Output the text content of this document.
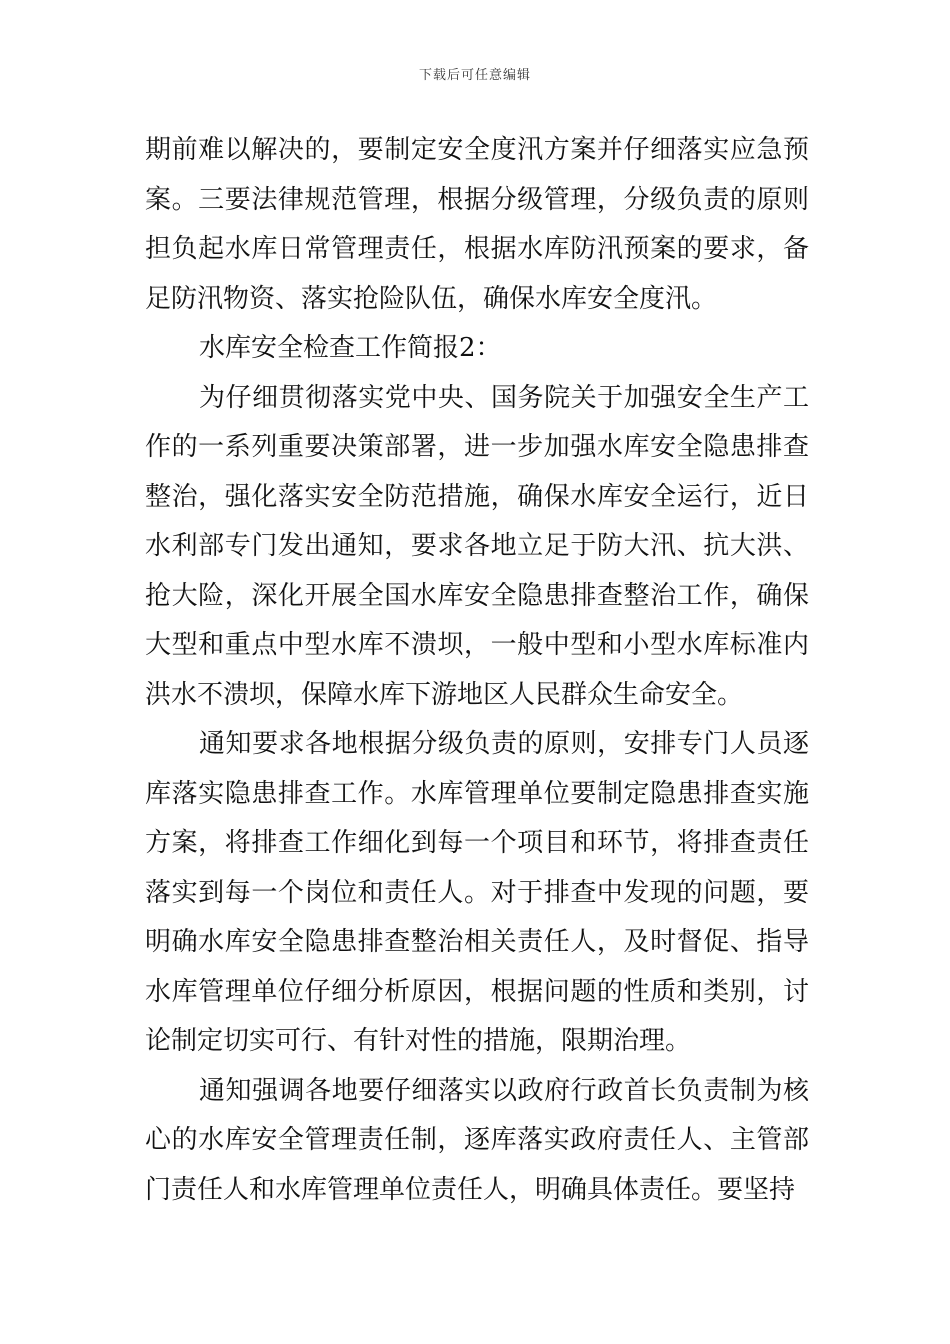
下载后可任意编辑

期前难以解决的，要制定安全度汛方案并仔细落实应急预案。三要法律规范管理，根据分级管理，分级负责的原则担负起水库日常管理责任，根据水库防汛预案的要求，备足防汛物资、落实抢险队伍，确保水库安全度汛。

水库安全检查工作简报2：

为仔细贯彻落实党中央、国务院关于加强安全生产工作的一系列重要决策部署，进一步加强水库安全隐患排查整治，强化落实安全防范措施，确保水库安全运行，近日水利部专门发出通知，要求各地立足于防大汛、抗大洪、抢大险，深化开展全国水库安全隐患排查整治工作，确保大型和重点中型水库不溃坝，一般中型和小型水库标准内洪水不溃坝，保障水库下游地区人民群众生命安全。

通知要求各地根据分级负责的原则，安排专门人员逐库落实隐患排查工作。水库管理单位要制定隐患排查实施方案，将排查工作细化到每一个项目和环节，将排查责任落实到每一个岗位和责任人。对于排查中发现的问题，要明确水库安全隐患排查整治相关责任人，及时督促、指导水库管理单位仔细分析原因，根据问题的性质和类别，讨论制定切实可行、有针对性的措施，限期治理。

通知强调各地要仔细落实以政府行政首长负责制为核心的水库安全管理责任制，逐库落实政府责任人、主管部门责任人和水库管理单位责任人，明确具体责任。要坚持
